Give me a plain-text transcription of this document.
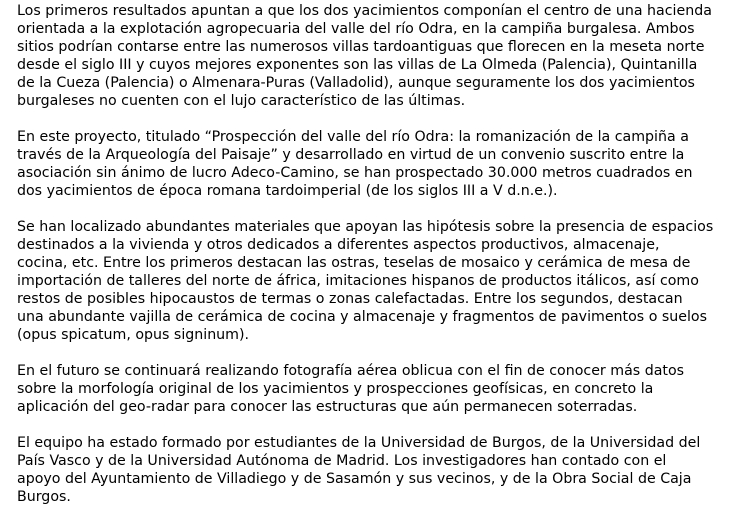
Los primeros resultados apuntan a que los dos yacimientos componían el centro de una hacienda
orientada a la explotación agropecuaria del valle del río Odra, en la campiña burgalesa. Ambos
sitios podrían contarse entre las numerosos villas tardoantiguas que florecen en la meseta norte
desde el siglo III y cuyos mejores exponentes son las villas de La Olmeda (Palencia), Quintanilla
de la Cueza (Palencia) o Almenara-Puras (Valladolid), aunque seguramente los dos yacimientos
burgaleses no cuenten con el lujo característico de las últimas.

En este proyecto, titulado “Prospección del valle del río Odra: la romanización de la campiña a
través de la Arqueología del Paisaje” y desarrollado en virtud de un convenio suscrito entre la
asociación sin ánimo de lucro Adeco-Camino, se han prospectado 30.000 metros cuadrados en
dos yacimientos de época romana tardoimperial (de los siglos III a V d.n.e.).

Se han localizado abundantes materiales que apoyan las hipótesis sobre la presencia de espacios
destinados a la vivienda y otros dedicados a diferentes aspectos productivos, almacenaje,
cocina, etc. Entre los primeros destacan las ostras, teselas de mosaico y cerámica de mesa de
importación de talleres del norte de áfrica, imitaciones hispanos de productos itálicos, así como
restos de posibles hipocaustos de termas o zonas calefactadas. Entre los segundos, destacan
una abundante vajilla de cerámica de cocina y almacenaje y fragmentos de pavimentos o suelos
(opus spicatum, opus signinum).

En el futuro se continuará realizando fotografía aérea oblicua con el fin de conocer más datos
sobre la morfología original de los yacimientos y prospecciones geofísicas, en concreto la
aplicación del geo-radar para conocer las estructuras que aún permanecen soterradas.

El equipo ha estado formado por estudiantes de la Universidad de Burgos, de la Universidad del
País Vasco y de la Universidad Autónoma de Madrid. Los investigadores han contado con el
apoyo del Ayuntamiento de Villadiego y de Sasamón y sus vecinos, y de la Obra Social de Caja
Burgos.
